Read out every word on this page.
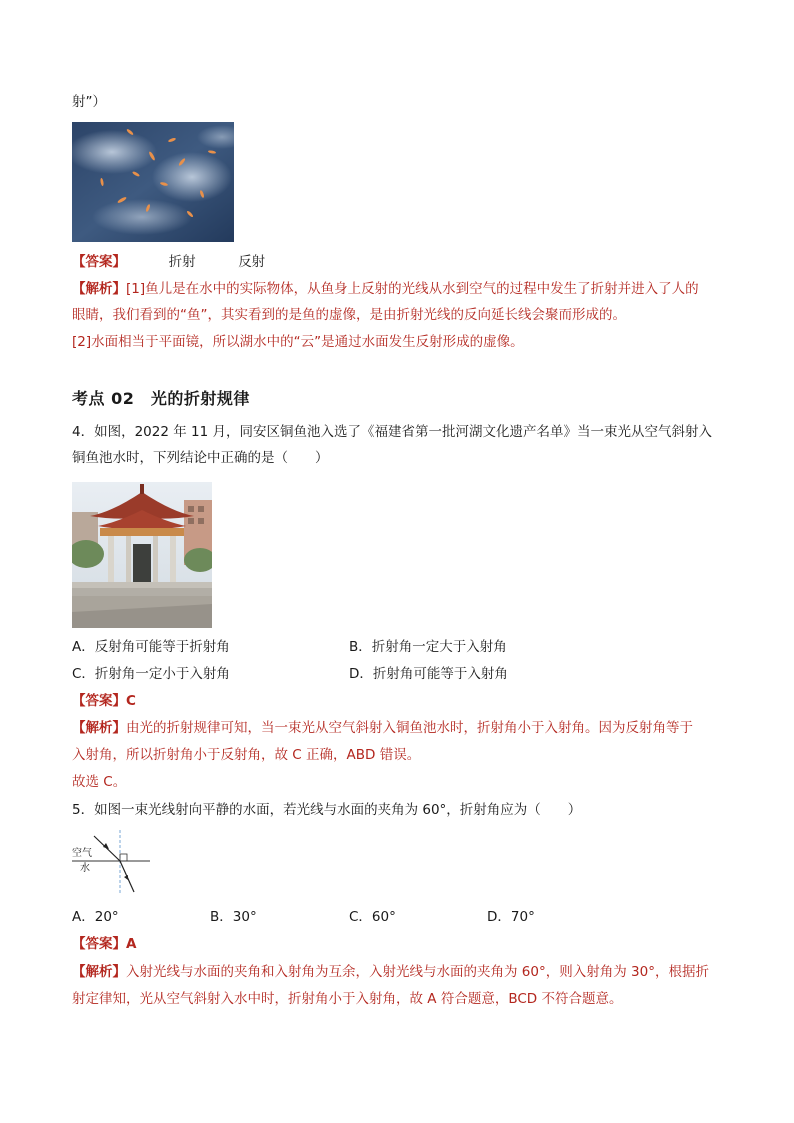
射”）
【答案】	折射	反射
【解析】[1]鱼儿是在水中的实际物体，从鱼身上反射的光线从水到空气的过程中发生了折射并进入了人的
眼睛，我们看到的“鱼”，其实看到的是鱼的虚像，是由折射光线的反向延长线会聚而形成的。
[2]水面相当于平面镜，所以湖水中的“云”是通过水面发生反射形成的虚像。
考点 02　光的折射规律
4．如图，2022 年 11 月，同安区铜鱼池入选了《福建省第一批河湖文化遗产名单》当一束光从空气斜射入
铜鱼池水时，下列结论中正确的是（　　）
A．反射角可能等于折射角	B．折射角一定大于入射角
C．折射角一定小于入射角	D．折射角可能等于入射角
【答案】C
【解析】由光的折射规律可知，当一束光从空气斜射入铜鱼池水时，折射角小于入射角。因为反射角等于
入射角，所以折射角小于反射角，故 C 正确，ABD 错误。
故选 C。
5．如图一束光线射向平静的水面，若光线与水面的夹角为 60°，折射角应为（　　）
空气
水
A．20°	B．30°	C．60°	D．70°
【答案】A
【解析】入射光线与水面的夹角和入射角为互余，入射光线与水面的夹角为 60°，则入射角为 30°，根据折
射定律知，光从空气斜射入水中时，折射角小于入射角，故 A 符合题意，BCD 不符合题意。
